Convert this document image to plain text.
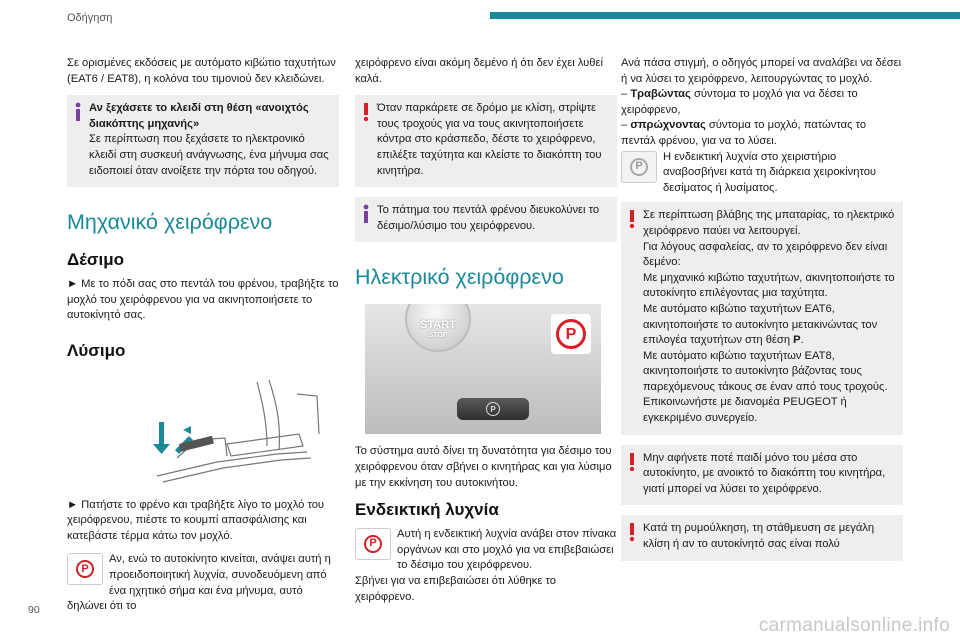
Οδήγηση

Σε ορισμένες εκδόσεις με αυτόματο κιβώτιο ταχυτήτων (EAT6 / EAT8), η κολόνα του τιμονιού δεν κλειδώνει.

Αν ξεχάσετε το κλειδί στη θέση «ανοιχτός διακόπτης μηχανής»

Σε περίπτωση που ξεχάσετε το ηλεκτρονικό κλειδί στη συσκευή ανάγνωσης, ένα μήνυμα σας ειδοποιεί όταν ανοίξετε την πόρτα του οδηγού.

Μηχανικό χειρόφρενο
Δέσιμο

► Με το πόδι σας στο πεντάλ του φρένου, τραβήξτε το μοχλό του χειρόφρενου για να ακινητοποιήσετε το αυτοκίνητό σας.

Λύσιμο

► Πατήστε το φρένο και τραβήξτε λίγο το μοχλό του χειρόφρενου, πιέστε το κουμπί απασφάλισης και κατεβάστε τέρμα κάτω τον μοχλό.

P

Αν, ενώ το αυτοκίνητο κινείται, ανάψει αυτή η προειδοποιητική λυχνία, συνοδευόμενη από ένα ηχητικό σήμα και ένα μήνυμα, αυτό δηλώνει ότι το

χειρόφρενο είναι ακόμη δεμένο ή ότι δεν έχει λυθεί καλά.

Όταν παρκάρετε σε δρόμο με κλίση, στρίψτε τους τροχούς για να τους ακινητοποιήσετε κόντρα στο κράσπεδο, δέστε το χειρόφρενο, επιλέξτε ταχύτητα και κλείστε το διακόπτη του κινητήρα.

Το πάτημα του πεντάλ φρένου διευκολύνει το δέσιμο/λύσιμο του χειρόφρενου.

Ηλεκτρικό χειρόφρενο
START
STOP	P
P

Το σύστημα αυτό δίνει τη δυνατότητα για δέσιμο του χειρόφρενου όταν σβήνει ο κινητήρας και για λύσιμο με την εκκίνηση του αυτοκινήτου.

Ενδεικτική λυχνία
P

Αυτή η ενδεικτική λυχνία ανάβει στον πίνακα οργάνων και στο μοχλό για να επιβεβαιώσει το δέσιμο του χειρόφρενου.

Σβήνει για να επιβεβαιώσει ότι λύθηκε το χειρόφρενο.

Ανά πάσα στιγμή, ο οδηγός μπορεί να αναλάβει να δέσει ή να λύσει το χειρόφρενο, λειτουργώντας το μοχλό.

– Τραβώντας σύντομα το μοχλό για να δέσει το χειρόφρενο,

– σπρώχνοντας σύντομα το μοχλό, πατώντας το πεντάλ φρένου, για να το λύσει.

P

Η ενδεικτική λυχνία στο χειριστήριο αναβοσβήνει κατά τη διάρκεια χειροκίνητου δεσίματος ή λυσίματος.

Σε περίπτωση βλάβης της μπαταρίας, το ηλεκτρικό χειρόφρενο παύει να λειτουργεί.

Για λόγους ασφαλείας, αν το χειρόφρενο δεν είναι δεμένο:

Με μηχανικό κιβώτιο ταχυτήτων, ακινητοποιήστε το αυτοκίνητο επιλέγοντας μια ταχύτητα.

Με αυτόματο κιβώτιο ταχυτήτων EAT6, ακινητοποιήστε το αυτοκίνητο μετακινώντας τον επιλογέα ταχυτήτων στη θέση P.

Με αυτόματο κιβώτιο ταχυτήτων EAT8, ακινητοποιήστε το αυτοκίνητο βάζοντας τους παρεχόμενους τάκους σε έναν από τους τροχούς.

Επικοινωνήστε με διανομέα PEUGEOT ή εγκεκριμένο συνεργείο.

Μην αφήνετε ποτέ παιδί μόνο του μέσα στο αυτοκίνητο, με ανοικτό το διακόπτη του κινητήρα, γιατί μπορεί να λύσει το χειρόφρενο.

Κατά τη ρυμούλκηση, τη στάθμευση σε μεγάλη κλίση ή αν το αυτοκίνητό σας είναι πολύ

90
carmanualsonline.info
